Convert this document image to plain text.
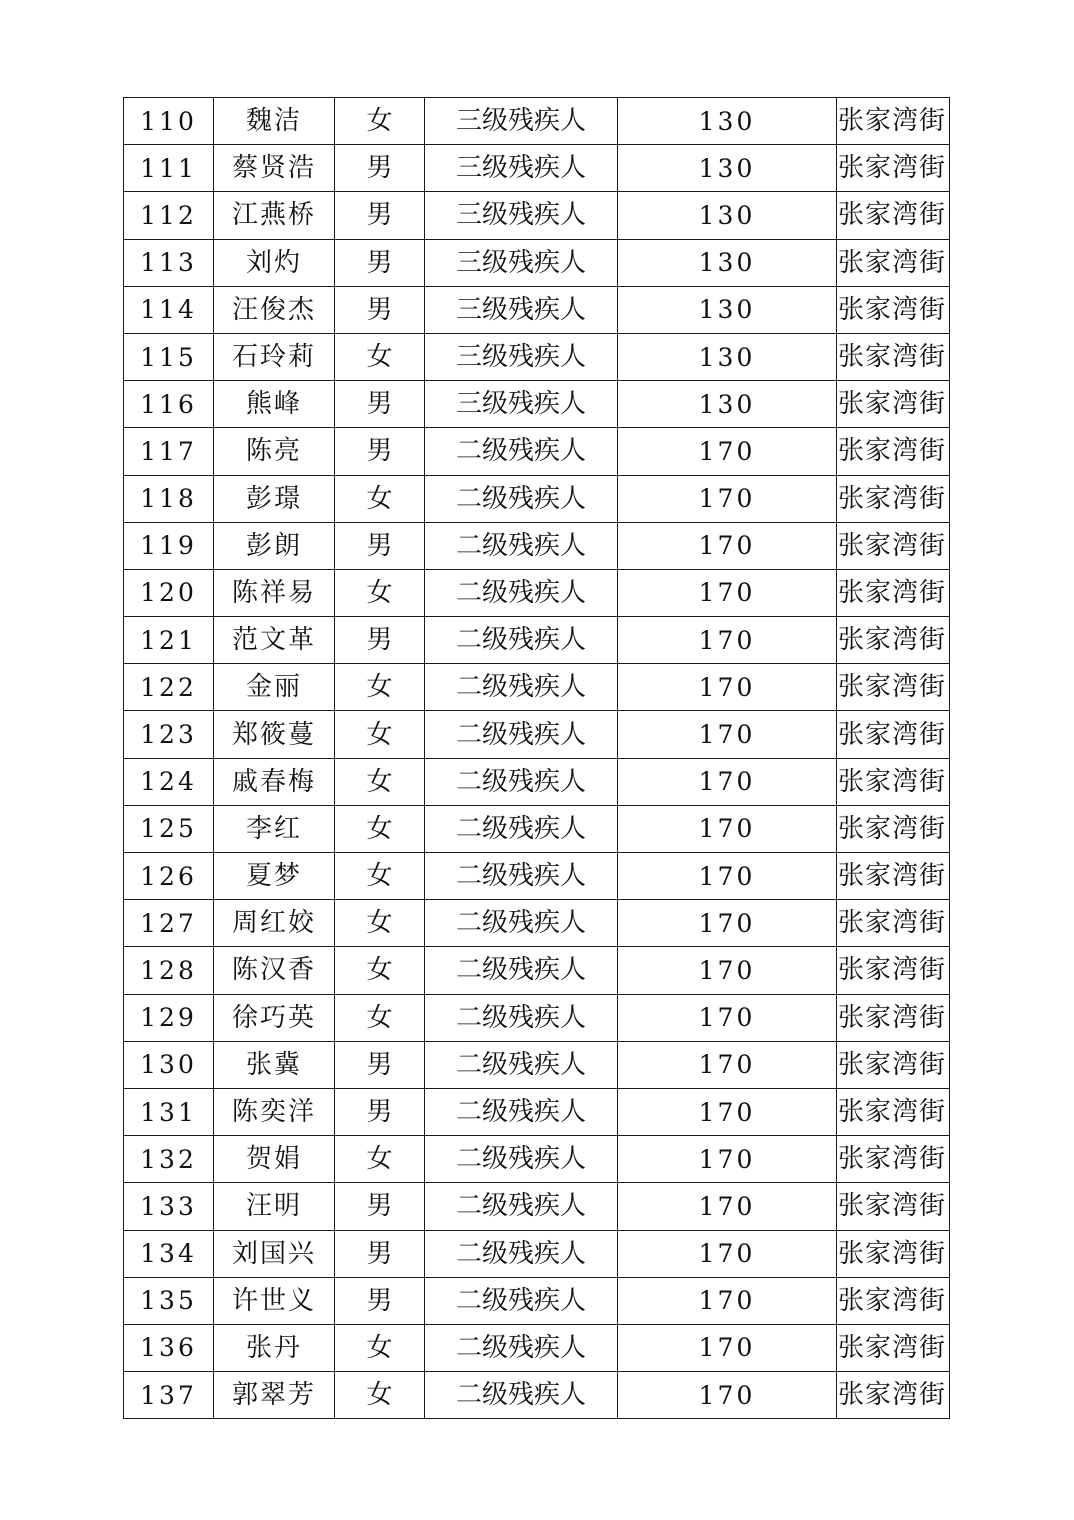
110	魏洁	女	三级残疾人	130	张家湾街
111	蔡贤浩	男	三级残疾人	130	张家湾街
112	江燕桥	男	三级残疾人	130	张家湾街
113	刘灼	男	三级残疾人	130	张家湾街
114	汪俊杰	男	三级残疾人	130	张家湾街
115	石玲莉	女	三级残疾人	130	张家湾街
116	熊峰	男	三级残疾人	130	张家湾街
117	陈亮	男	二级残疾人	170	张家湾街
118	彭璟	女	二级残疾人	170	张家湾街
119	彭朗	男	二级残疾人	170	张家湾街
120	陈祥易	女	二级残疾人	170	张家湾街
121	范文革	男	二级残疾人	170	张家湾街
122	金丽	女	二级残疾人	170	张家湾街
123	郑筱蔓	女	二级残疾人	170	张家湾街
124	戚春梅	女	二级残疾人	170	张家湾街
125	李红	女	二级残疾人	170	张家湾街
126	夏梦	女	二级残疾人	170	张家湾街
127	周红姣	女	二级残疾人	170	张家湾街
128	陈汉香	女	二级残疾人	170	张家湾街
129	徐巧英	女	二级残疾人	170	张家湾街
130	张冀	男	二级残疾人	170	张家湾街
131	陈奕洋	男	二级残疾人	170	张家湾街
132	贺娟	女	二级残疾人	170	张家湾街
133	汪明	男	二级残疾人	170	张家湾街
134	刘国兴	男	二级残疾人	170	张家湾街
135	许世义	男	二级残疾人	170	张家湾街
136	张丹	女	二级残疾人	170	张家湾街
137	郭翠芳	女	二级残疾人	170	张家湾街
